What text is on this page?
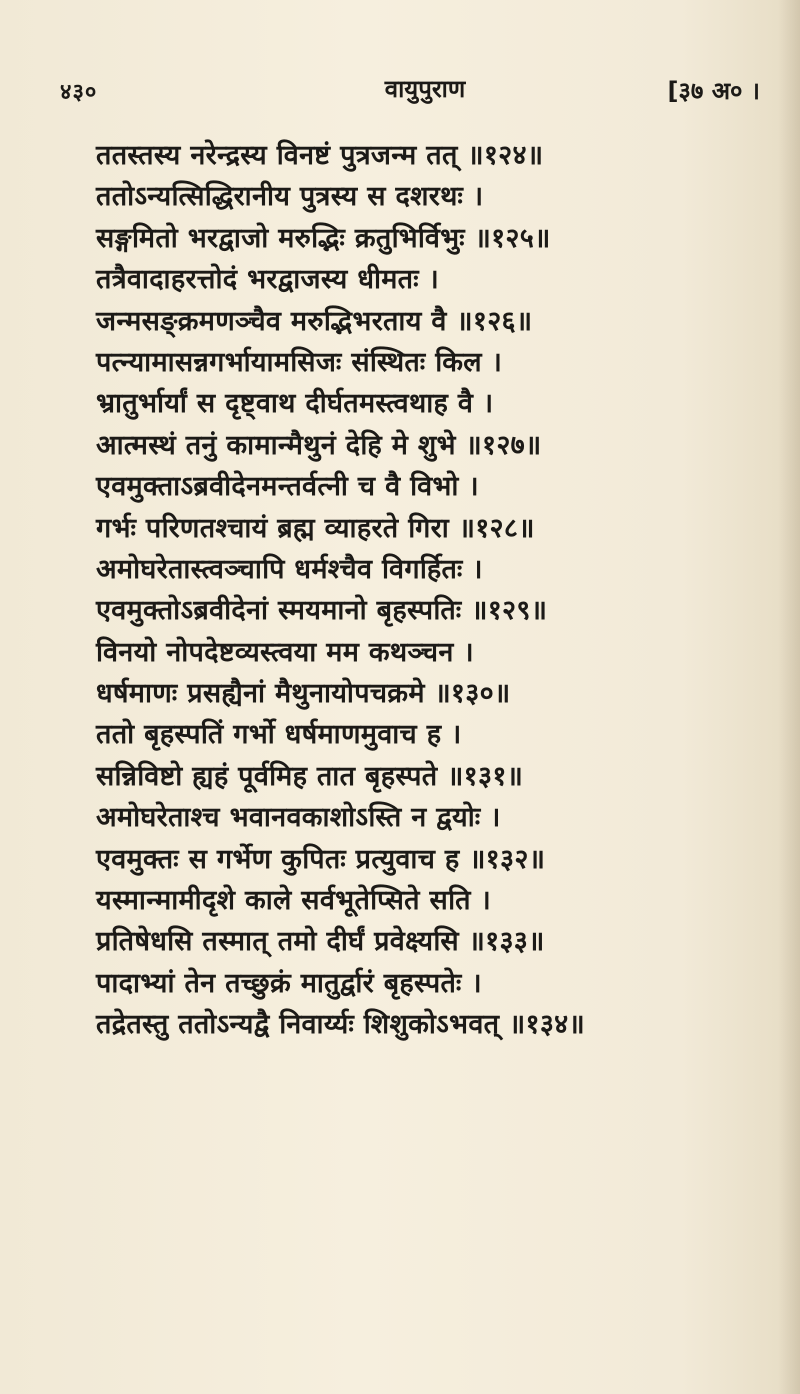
४३०	वायुपुराण	[३७ अ० ।
ततस्तस्य नरेन्द्रस्य विनष्टं पुत्रजन्म तत् ॥१२४॥
ततोऽन्यत्सिद्धिरानीय पुत्रस्य स दशरथः ।
सङ्गमितो भरद्वाजो मरुद्भिः क्रतुभिर्विभुः ॥१२५॥
तत्रैवादाहरत्तोदं भरद्वाजस्य धीमतः ।
जन्मसङ्क्रमणञ्चैव मरुद्भिभरताय वै ॥१२६॥
पत्न्यामासन्नगर्भायामसिजः संस्थितः किल ।
भ्रातुर्भार्यां स दृष्ट्वाथ दीर्घतमस्त्वथाह वै ।
आत्मस्थं तनुं कामान्मैथुनं देहि मे शुभे ॥१२७॥
एवमुक्ताऽब्रवीदेनमन्तर्वत्नी च वै विभो ।
गर्भः परिणतश्चायं ब्रह्म व्याहरते गिरा ॥१२८॥
अमोघरेतास्त्वञ्चापि धर्मश्चैव विगर्हितः ।
एवमुक्तोऽब्रवीदेनां स्मयमानो बृहस्पतिः ॥१२९॥
विनयो नोपदेष्टव्यस्त्वया मम कथञ्चन ।
धर्षमाणः प्रसह्यैनां मैथुनायोपचक्रमे ॥१३०॥
ततो बृहस्पतिं गर्भो धर्षमाणमुवाच ह ।
सन्निविष्टो ह्यहं पूर्वमिह तात बृहस्पते ॥१३१॥
अमोघरेताश्च भवानवकाशोऽस्ति न द्वयोः ।
एवमुक्तः स गर्भेण कुपितः प्रत्युवाच ह ॥१३२॥
यस्मान्मामीदृशे काले सर्वभूतेप्सिते सति ।
प्रतिषेधसि तस्मात् तमो दीर्घं प्रवेक्ष्यसि ॥१३३॥
पादाभ्यां तेन तच्छुक्रं मातुर्द्वारं बृहस्पतेः ।
तद्रेतस्तु ततोऽन्यद्वै निवार्य्यः शिशुकोऽभवत् ॥१३४॥
